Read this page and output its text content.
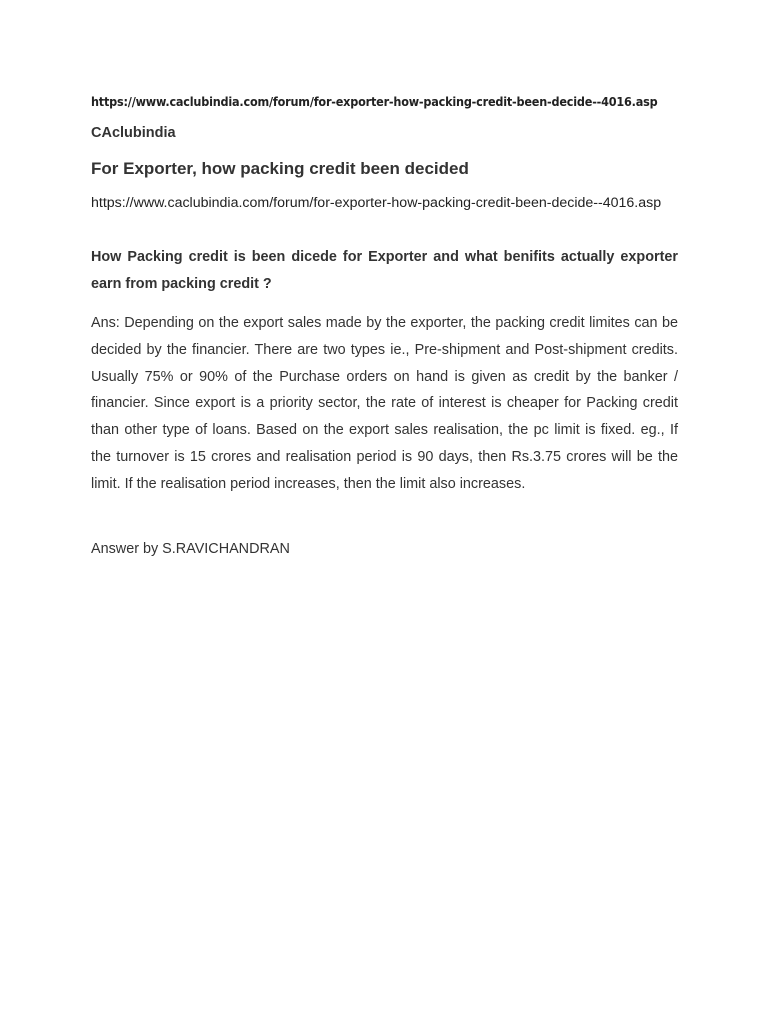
https://www.caclubindia.com/forum/for-exporter-how-packing-credit-been-decide--4016.asp
CAclubindia
For Exporter, how packing credit been decided
https://www.caclubindia.com/forum/for-exporter-how-packing-credit-been-decide--4016.asp
How Packing credit is been dicede for Exporter and what benifits actually exporter earn from packing credit ?
Ans: Depending on the export sales made by the exporter, the packing credit limites can be decided by the financier. There are two types ie., Pre-shipment and Post-shipment credits. Usually 75% or 90% of the Purchase orders on hand is given as credit by the banker / financier. Since export is a priority sector, the rate of interest is cheaper for Packing credit than other type of loans. Based on the export sales realisation, the pc limit is fixed. eg., If the turnover is 15 crores and realisation period is 90 days, then Rs.3.75 crores will be the limit. If the realisation period increases, then the limit also increases.
Answer by S.RAVICHANDRAN
